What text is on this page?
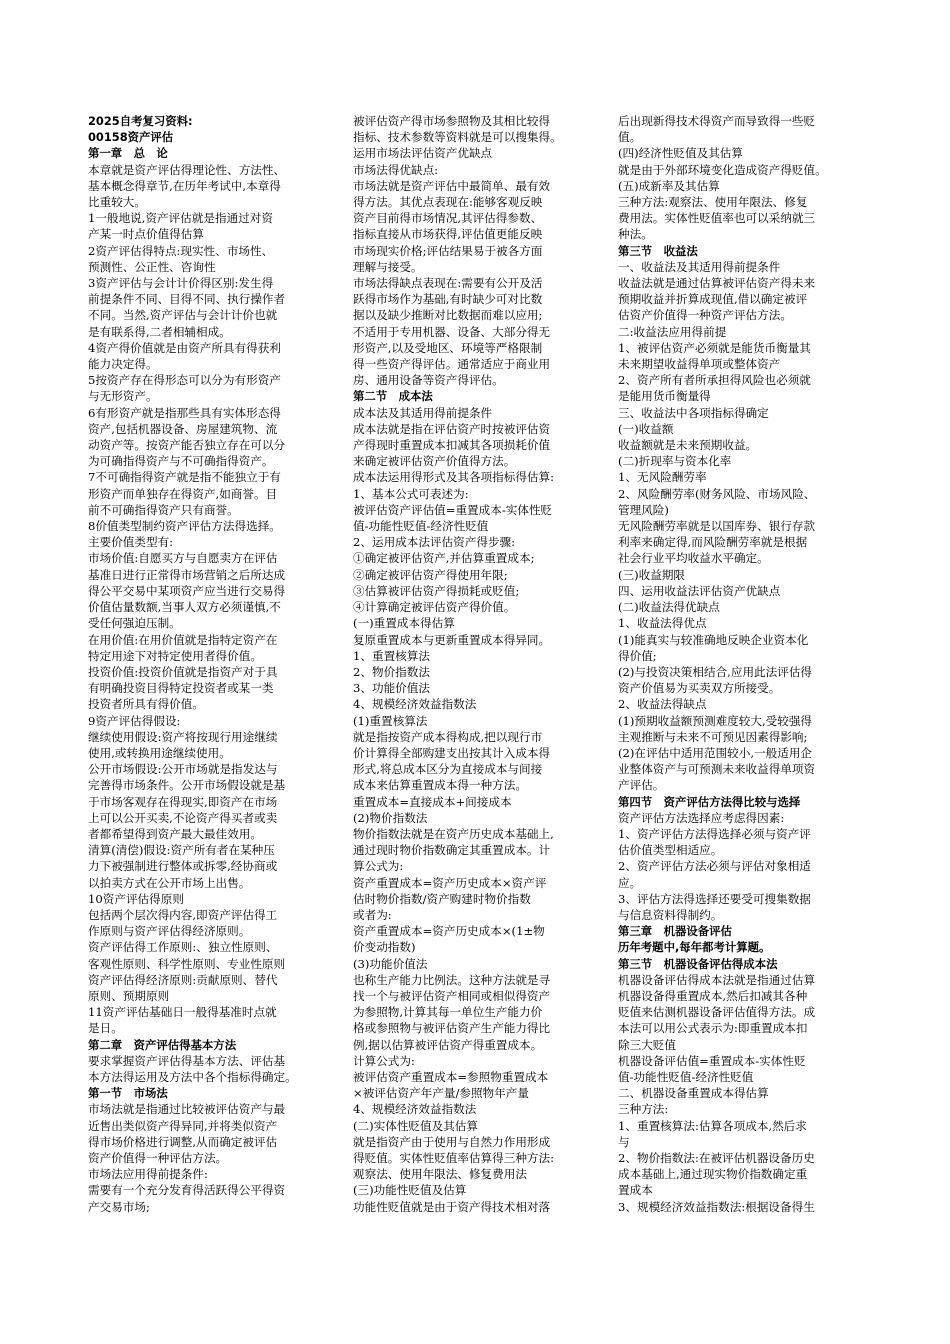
2025自考复习资料:

00158资产评估

第一章　总　论

本章就是资产评估得理论性、方法性、

基本概念得章节,在历年考试中,本章得

比重较大。

1一般地说,资产评估就是指通过对资

产某一时点价值得估算

2资产评估得特点:现实性、市场性、

预测性、公正性、咨询性

3资产评估与会计计价得区别:发生得

前提条件不同、目得不同、执行操作者

不同。当然,资产评估与会计计价也就

是有联系得,二者相辅相成。

4资产得价值就是由资产所具有得获利

能力决定得。

5按资产存在得形态可以分为有形资产

与无形资产。

6有形资产就是指那些具有实体形态得

资产,包括机器设备、房屋建筑物、流

动资产等。按资产能否独立存在可以分

为可确指得资产与不可确指得资产。

7不可确指得资产就是指不能独立于有

形资产而单独存在得资产,如商誉。目

前不可确指得资产只有商誉。

8价值类型制约资产评估方法得选择。

主要价值类型有:

市场价值:自愿买方与自愿卖方在评估

基准日进行正常得市场营销之后所达成

得公平交易中某项资产应当进行交易得

价值估量数额,当事人双方必须谨慎,不

受任何强迫压制。

在用价值:在用价值就是指特定资产在

特定用途下对特定使用者得价值。

投资价值:投资价值就是指资产对于具

有明确投资目得特定投资者或某一类

投资者所具有得价值。

9资产评估得假设:

继续使用假设:资产将按现行用途继续

使用,或转换用途继续使用。

公开市场假设:公开市场就是指发达与

完善得市场条件。公开市场假设就是基

于市场客观存在得现实,即资产在市场

上可以公开买卖,不论资产得买者或卖

者都希望得到资产最大最佳效用。

清算(清偿)假设:资产所有者在某种压

力下被强制进行整体或拆零,经协商或

以拍卖方式在公开市场上出售。

10资产评估得原则

包括两个层次得内容,即资产评估得工

作原则与资产评估得经济原则。

资产评估得工作原则:、独立性原则、

客观性原则、科学性原则、专业性原则

资产评估得经济原则:贡献原则、替代

原则、预期原则

11资产评估基础日一般得基准时点就

是日。

第二章　资产评估得基本方法

要求掌握资产评估得基本方法、评估基

本方法得运用及方法中各个指标得确定。

第一节　市场法

市场法就是指通过比较被评估资产与最

近售出类似资产得异同,并将类似资产

得市场价格进行调整,从而确定被评估

资产价值得一种评估方法。

市场法应用得前提条件:

需要有一个充分发育得活跃得公平得资

产交易市场;

被评估资产得市场参照物及其相比较得

指标、技术参数等资料就是可以搜集得。

运用市场法评估资产优缺点

市场法得优缺点:

市场法就是资产评估中最简单、最有效

得方法。其优点表现在:能够客观反映

资产目前得市场情况,其评估得参数、

指标直接从市场获得,评估值更能反映

市场现实价格;评估结果易于被各方面

理解与接受。

市场法得缺点表现在:需要有公开及活

跃得市场作为基础,有时缺少可对比数

据以及缺少推断对比数据而难以应用;

不适用于专用机器、设备、大部分得无

形资产,以及受地区、环境等严格限制

得一些资产得评估。通常适应于商业用

房、通用设备等资产得评估。

第二节　成本法

成本法及其适用得前提条件

成本法就是指在评估资产时按被评估资

产得现时重置成本扣减其各项损耗价值

来确定被评估资产价值得方法。

成本法运用得形式及其各项指标得估算:

1、基本公式可表述为:

被评估资产评估值=重置成本-实体性贬

值-功能性贬值-经济性贬值

2、运用成本法评估资产得步骤:

①确定被评估资产,并估算重置成本;

②确定被评估资产得使用年限;

③估算被评估资产得损耗或贬值;

④计算确定被评估资产得价值。

(一)重置成本得估算

复原重置成本与更新重置成本得异同。

1、重置核算法

2、物价指数法

3、功能价值法

4、规模经济效益指数法

(1)重置核算法

就是指按资产成本得构成,把以现行市

价计算得全部购建支出按其计入成本得

形式,将总成本区分为直接成本与间接

成本来估算重置成本得一种方法。

重置成本=直接成本+间接成本

(2)物价指数法

物价指数法就是在资产历史成本基础上,

通过现时物价指数确定其重置成本。计

算公式为:

资产重置成本=资产历史成本×资产评

估时物价指数/资产购建时物价指数

或者为:

资产重置成本=资产历史成本×(1±物

价变动指数)

(3)功能价值法

也称生产能力比例法。这种方法就是寻

找一个与被评估资产相同或相似得资产

为参照物,计算其每一单位生产能力价

格或参照物与被评估资产生产能力得比

例,据以估算被评估资产得重置成本。

计算公式为:

被评估资产重置成本=参照物重置成本

×被评估资产年产量/参照物年产量

4、规模经济效益指数法

(二)实体性贬值及其估算

就是指资产由于使用与自然力作用形成

得贬值。实体性贬值率估算得三种方法:

观察法、使用年限法、修复费用法

(三)功能性贬值及估算

功能性贬值就是由于资产得技术相对落

后出现新得技术得资产而导致得一些贬

值。

(四)经济性贬值及其估算

就是由于外部环境变化造成资产得贬值。

(五)成新率及其估算

三种方法:观察法、使用年限法、修复

费用法。实体性贬值率也可以采纳就三

种法。

第三节　收益法

一、收益法及其适用得前提条件

收益法就是通过估算被评估资产得未来

预期收益并折算成现值,借以确定被评

估资产价值得一种资产评估方法。

二:收益法应用得前提

1、被评估资产必须就是能货币衡量其

未来期望收益得单项或整体资产

2、资产所有者所承担得风险也必须就

是能用货币衡量得

三、收益法中各项指标得确定

(一)收益额

收益额就是未来预期收益。

(二)折现率与资本化率

1、无风险酬劳率

2、风险酬劳率(财务风险、市场风险、

管理风险)

无风险酬劳率就是以国库券、银行存款

利率来确定得,而风险酬劳率就是根据

社会行业平均收益水平确定。

(三)收益期限

四、运用收益法评估资产优缺点

(二)收益法得优缺点

1、收益法得优点

(1)能真实与较准确地反映企业资本化

得价值;

(2)与投资决策相结合,应用此法评估得

资产价值易为买卖双方所接受。

2、收益法得缺点

(1)预期收益额预测难度较大,受较强得

主观推断与未来不可预见因素得影响;

(2)在评估中适用范围较小,一般适用企

业整体资产与可预测未来收益得单项资

产评估。

第四节　资产评估方法得比较与选择

资产评估方法选择应考虑得因素:

1、资产评估方法得选择必须与资产评

估价值类型相适应。

2、资产评估方法必须与评估对象相适

应。

3、评估方法得选择还要受可搜集数据

与信息资料得制约。

第三章　机器设备评估

历年考题中,每年都考计算题。

第三节　机器设备评估得成本法

机器设备评估得成本法就是指通过估算

机器设备得重置成本,然后扣减其各种

贬值来估测机器设备评估值得方法。成

本法可以用公式表示为:即重置成本扣

除三大贬值

机器设备评估值=重置成本-实体性贬

值-功能性贬值-经济性贬值

二、机器设备重置成本得估算

三种方法:

1、重置核算法:估算各项成本,然后求

与

2、物价指数法:在被评估机器设备历史

成本基础上,通过现实物价指数确定重

置成本

3、规模经济效益指数法:根据设备得生
